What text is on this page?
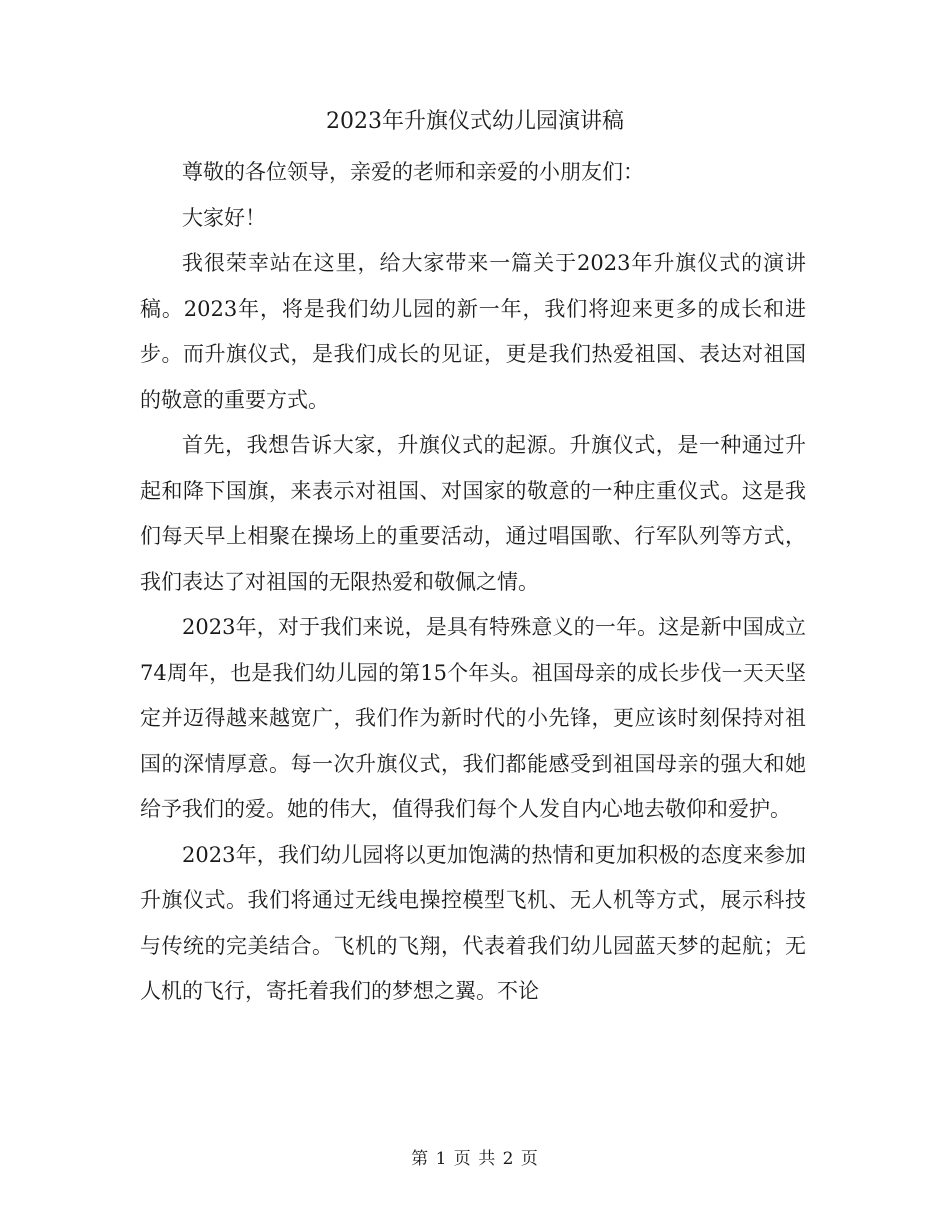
2023年升旗仪式幼儿园演讲稿

尊敬的各位领导，亲爱的老师和亲爱的小朋友们：

大家好！

我很荣幸站在这里，给大家带来一篇关于2023年升旗仪式的演讲稿。2023年，将是我们幼儿园的新一年，我们将迎来更多的成长和进步。而升旗仪式，是我们成长的见证，更是我们热爱祖国、表达对祖国的敬意的重要方式。

首先，我想告诉大家，升旗仪式的起源。升旗仪式，是一种通过升起和降下国旗，来表示对祖国、对国家的敬意的一种庄重仪式。这是我们每天早上相聚在操场上的重要活动，通过唱国歌、行军队列等方式，我们表达了对祖国的无限热爱和敬佩之情。

2023年，对于我们来说，是具有特殊意义的一年。这是新中国成立74周年，也是我们幼儿园的第15个年头。祖国母亲的成长步伐一天天坚定并迈得越来越宽广，我们作为新时代的小先锋，更应该时刻保持对祖国的深情厚意。每一次升旗仪式，我们都能感受到祖国母亲的强大和她给予我们的爱。她的伟大，值得我们每个人发自内心地去敬仰和爱护。

2023年，我们幼儿园将以更加饱满的热情和更加积极的态度来参加升旗仪式。我们将通过无线电操控模型飞机、无人机等方式，展示科技与传统的完美结合。飞机的飞翔，代表着我们幼儿园蓝天梦的起航；无人机的飞行，寄托着我们的梦想之翼。不论

第 1 页 共 2 页
